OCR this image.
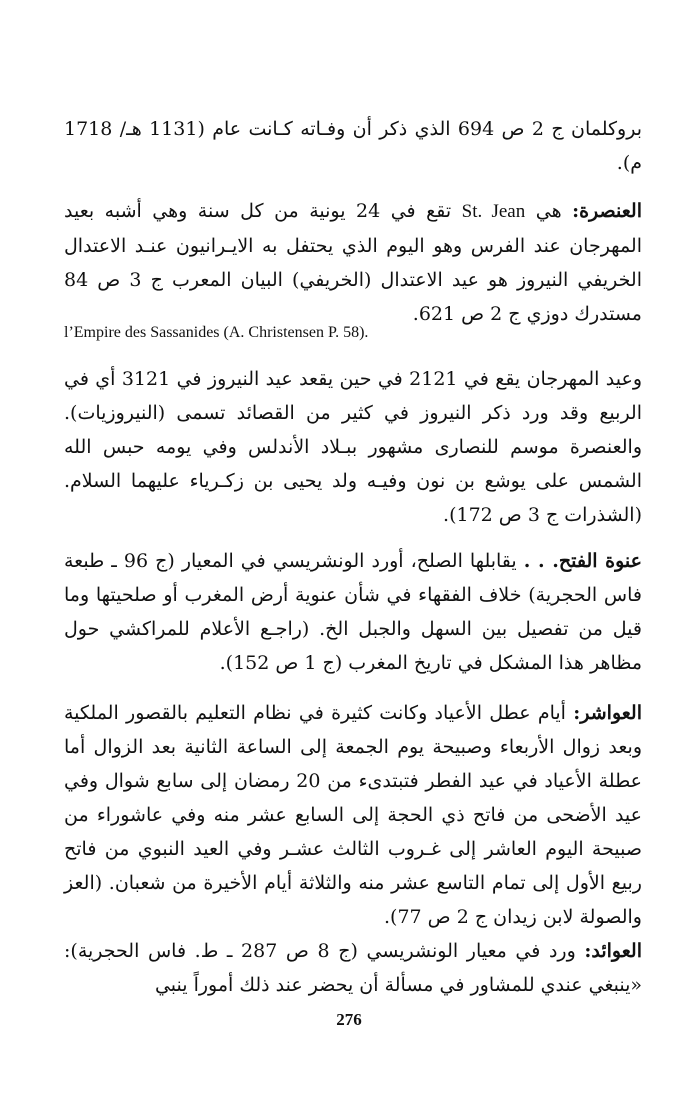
بروكلمان ج 2 ص 694 الذي ذكر أن وفـاته كـانت عام (1131 هـ/ 1718 م).

العنصرة: هي St. Jean تقع في 24 يونية من كل سنة وهي أشبه بعيد المهرجان عند الفرس وهو اليوم الذي يحتفل به الايـرانيون عنـد الاعتدال الخريفي النيروز هو عيد الاعتدال (الخريفي) البيان المعرب ج 3 ص 84 مستدرك دوزي ج 2 ص 621.

l’Empire des Sassanides (A. Christensen P. 58).

وعيد المهرجان يقع في 2121 في حين يقعد عيد النيروز في 3121 أي في الربيع وقد ورد ذكر النيروز في كثير من القصائد تسمى (النيروزيات). والعنصرة موسم للنصارى مشهور ببـلاد الأندلس وفي يومه حبس الله الشمس على يوشع بن نون وفيـه ولد يحيى بن زكـرياء عليهما السلام. (الشذرات ج 3 ص 172).

عنوة الفتح. . . يقابلها الصلح، أورد الونشريسي في المعيار (ج 96 ـ طبعة فاس الحجرية) خلاف الفقهاء في شأن عنوية أرض المغرب أو صلحيتها وما قيل من تفصيل بين السهل والجبل الخ. (راجـع الأعلام للمراكشي حول مظاهر هذا المشكل في تاريخ المغرب (ج 1 ص 152).

العواشر: أيام عطل الأعياد وكانت كثيرة في نظام التعليم بالقصور الملكية وبعد زوال الأربعاء وصبيحة يوم الجمعة إلى الساعة الثانية بعد الزوال أما عطلة الأعياد في عيد الفطر فتبتدىء من 20 رمضان إلى سابع شوال وفي عيد الأضحى من فاتح ذي الحجة إلى السابع عشر منه وفي عاشوراء من صبيحة اليوم العاشر إلى غـروب الثالث عشـر وفي العيد النبوي من فاتح ربيع الأول إلى تمام التاسع عشر منه والثلاثة أيام الأخيرة من شعبان. (العز والصولة لابن زيدان ج 2 ص 77).

العوائد: ورد في معيار الونشريسي (ج 8 ص 287 ـ ط. فاس الحجرية): «ينبغي عندي للمشاور في مسألة أن يحضر عند ذلك أموراً ينبي

276
